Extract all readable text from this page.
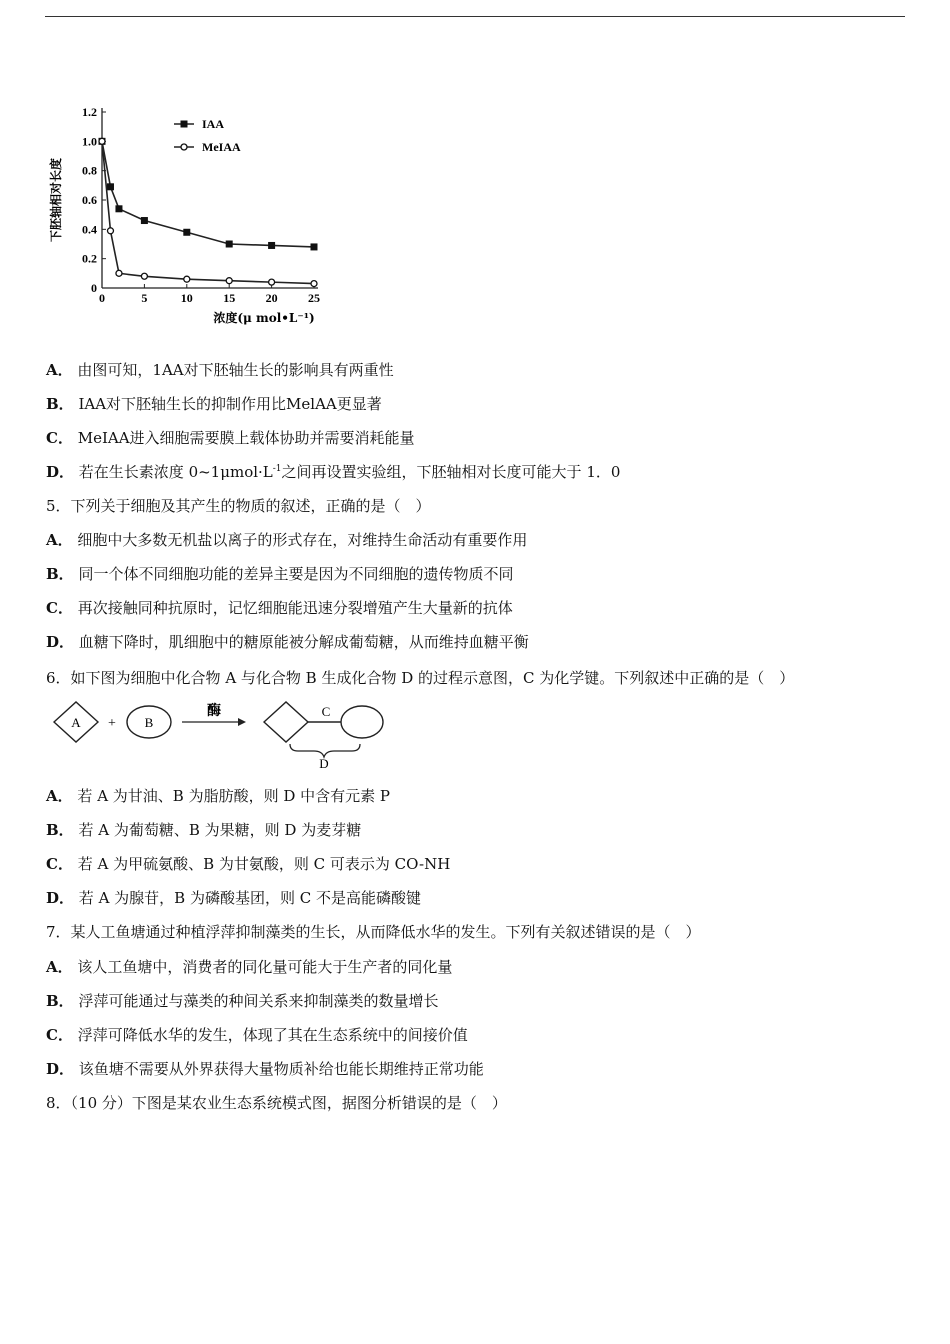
0
0.2
0.4
0.6
0.8
1.0
1.2
0	5	10	15	20	25
浓度(μ mol•L⁻¹)
下胚轴相对长度
IAA
MeIAA
A． 由图可知，1AA对下胚轴生长的影响具有两重性
B． IAA对下胚轴生长的抑制作用比MelAA更显著
C． MeIAA进入细胞需要膜上载体协助并需要消耗能量
D． 若在生长素浓度 $0\sim 1\mu mol\cdot L^{-1}$之间再设置实验组，下胚轴相对长度可能大于 1．0
5．下列关于细胞及其产生的物质的叙述，正确的是（　）
A． 细胞中大多数无机盐以离子的形式存在，对维持生命活动有重要作用
B． 同一个体不同细胞功能的差异主要是因为不同细胞的遗传物质不同
C． 再次接触同种抗原时，记忆细胞能迅速分裂增殖产生大量新的抗体
D． 血糖下降时，肌细胞中的糖原能被分解成葡萄糖，从而维持血糖平衡
6．如下图为细胞中化合物 A 与化合物 B 生成化合物 D 的过程示意图，C 为化学键。下列叙述中正确的是（　）
A + B
酶	C
D
A． 若 A 为甘油、B 为脂肪酸，则 D 中含有元素 P
B． 若 A 为葡萄糖、B 为果糖，则 D 为麦芽糖
C． 若 A 为甲硫氨酸、B 为甘氨酸，则 C 可表示为 CO-NH
D． 若 A 为腺苷，B 为磷酸基团，则 C 不是高能磷酸键
7．某人工鱼塘通过种植浮萍抑制藻类的生长，从而降低水华的发生。下列有关叙述错误的是（　）
A． 该人工鱼塘中，消费者的同化量可能大于生产者的同化量
B． 浮萍可能通过与藻类的种间关系来抑制藻类的数量增长
C． 浮萍可降低水华的发生，体现了其在生态系统中的间接价值
D． 该鱼塘不需要从外界获得大量物质补给也能长期维持正常功能
8．（10 分）下图是某农业生态系统模式图，据图分析错误的是（　）
